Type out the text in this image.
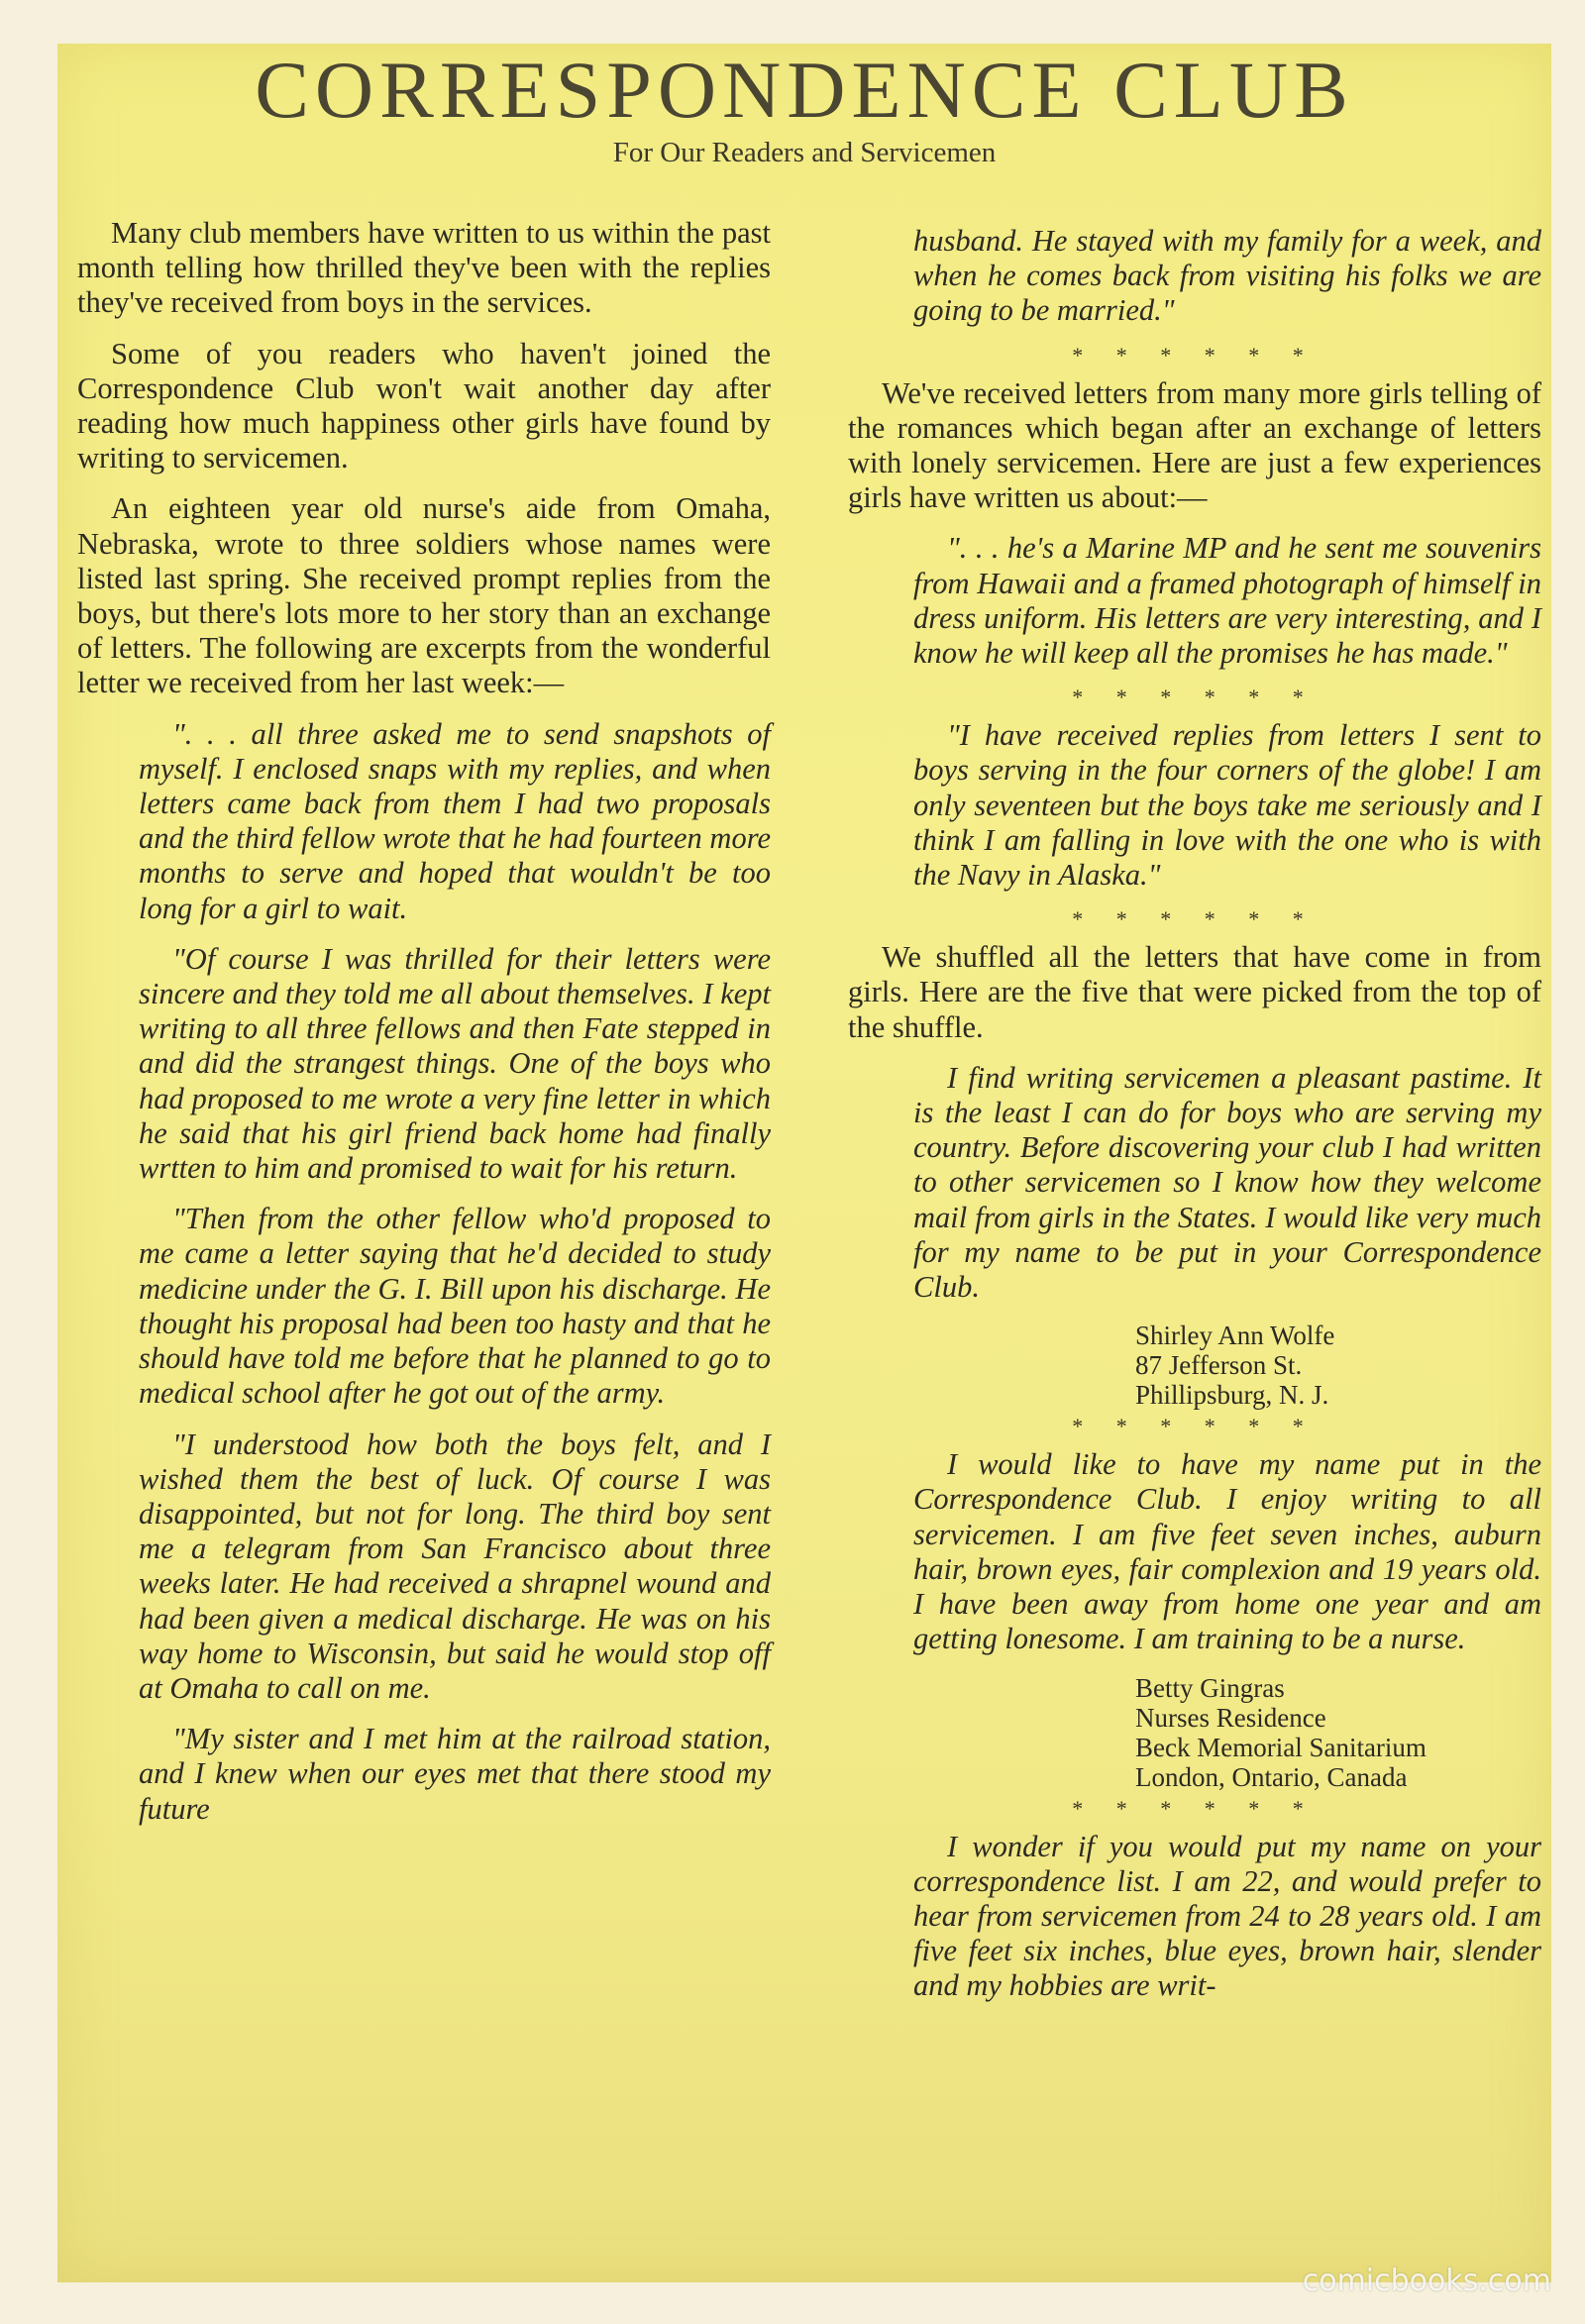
CORRESPONDENCE CLUB
For Our Readers and Servicemen

Many club members have written to us within the past month telling how thrilled they've been with the replies they've received from boys in the services.

Some of you readers who haven't joined the Correspondence Club won't wait another day after reading how much happiness other girls have found by writing to servicemen.

An eighteen year old nurse's aide from Omaha, Nebraska, wrote to three soldiers whose names were listed last spring. She received prompt replies from the boys, but there's lots more to her story than an exchange of letters. The following are excerpts from the wonderful letter we received from her last week:—

". . . all three asked me to send snapshots of myself. I enclosed snaps with my replies, and when letters came back from them I had two proposals and the third fellow wrote that he had fourteen more months to serve and hoped that wouldn't be too long for a girl to wait.

"Of course I was thrilled for their letters were sincere and they told me all about themselves. I kept writing to all three fellows and then Fate stepped in and did the strangest things. One of the boys who had proposed to me wrote a very fine letter in which he said that his girl friend back home had finally wrtten to him and promised to wait for his return.

"Then from the other fellow who'd proposed to me came a letter saying that he'd decided to study medicine under the G. I. Bill upon his discharge. He thought his proposal had been too hasty and that he should have told me before that he planned to go to medical school after he got out of the army.

"I understood how both the boys felt, and I wished them the best of luck. Of course I was disappointed, but not for long. The third boy sent me a telegram from San Francisco about three weeks later. He had received a shrapnel wound and had been given a medical discharge. He was on his way home to Wisconsin, but said he would stop off at Omaha to call on me.

"My sister and I met him at the railroad station, and I knew when our eyes met that there stood my future

husband. He stayed with my family for a week, and when he comes back from visiting his folks we are going to be married."

* * * * * *

We've received letters from many more girls telling of the romances which began after an exchange of letters with lonely servicemen. Here are just a few experiences girls have written us about:—

". . . he's a Marine MP and he sent me souvenirs from Hawaii and a framed photograph of himself in dress uniform. His letters are very interesting, and I know he will keep all the promises he has made."

* * * * * *

"I have received replies from letters I sent to boys serving in the four corners of the globe! I am only seventeen but the boys take me seriously and I think I am falling in love with the one who is with the Navy in Alaska."

* * * * * *

We shuffled all the letters that have come in from girls. Here are the five that were picked from the top of the shuffle.

I find writing servicemen a pleasant pastime. It is the least I can do for boys who are serving my country. Before discovering your club I had written to other servicemen so I know how they welcome mail from girls in the States. I would like very much for my name to be put in your Correspondence Club.

Shirley Ann Wolfe
87 Jefferson St.
Phillipsburg, N. J.
* * * * * *

I would like to have my name put in the Correspondence Club. I enjoy writing to all servicemen. I am five feet seven inches, auburn hair, brown eyes, fair complexion and 19 years old. I have been away from home one year and am getting lonesome. I am training to be a nurse.

Betty Gingras
Nurses Residence
Beck Memorial Sanitarium
London, Ontario, Canada
* * * * * *

I wonder if you would put my name on your correspondence list. I am 22, and would prefer to hear from servicemen from 24 to 28 years old. I am five feet six inches, blue eyes, brown hair, slender and my hobbies are writ-

comicbooks.com
